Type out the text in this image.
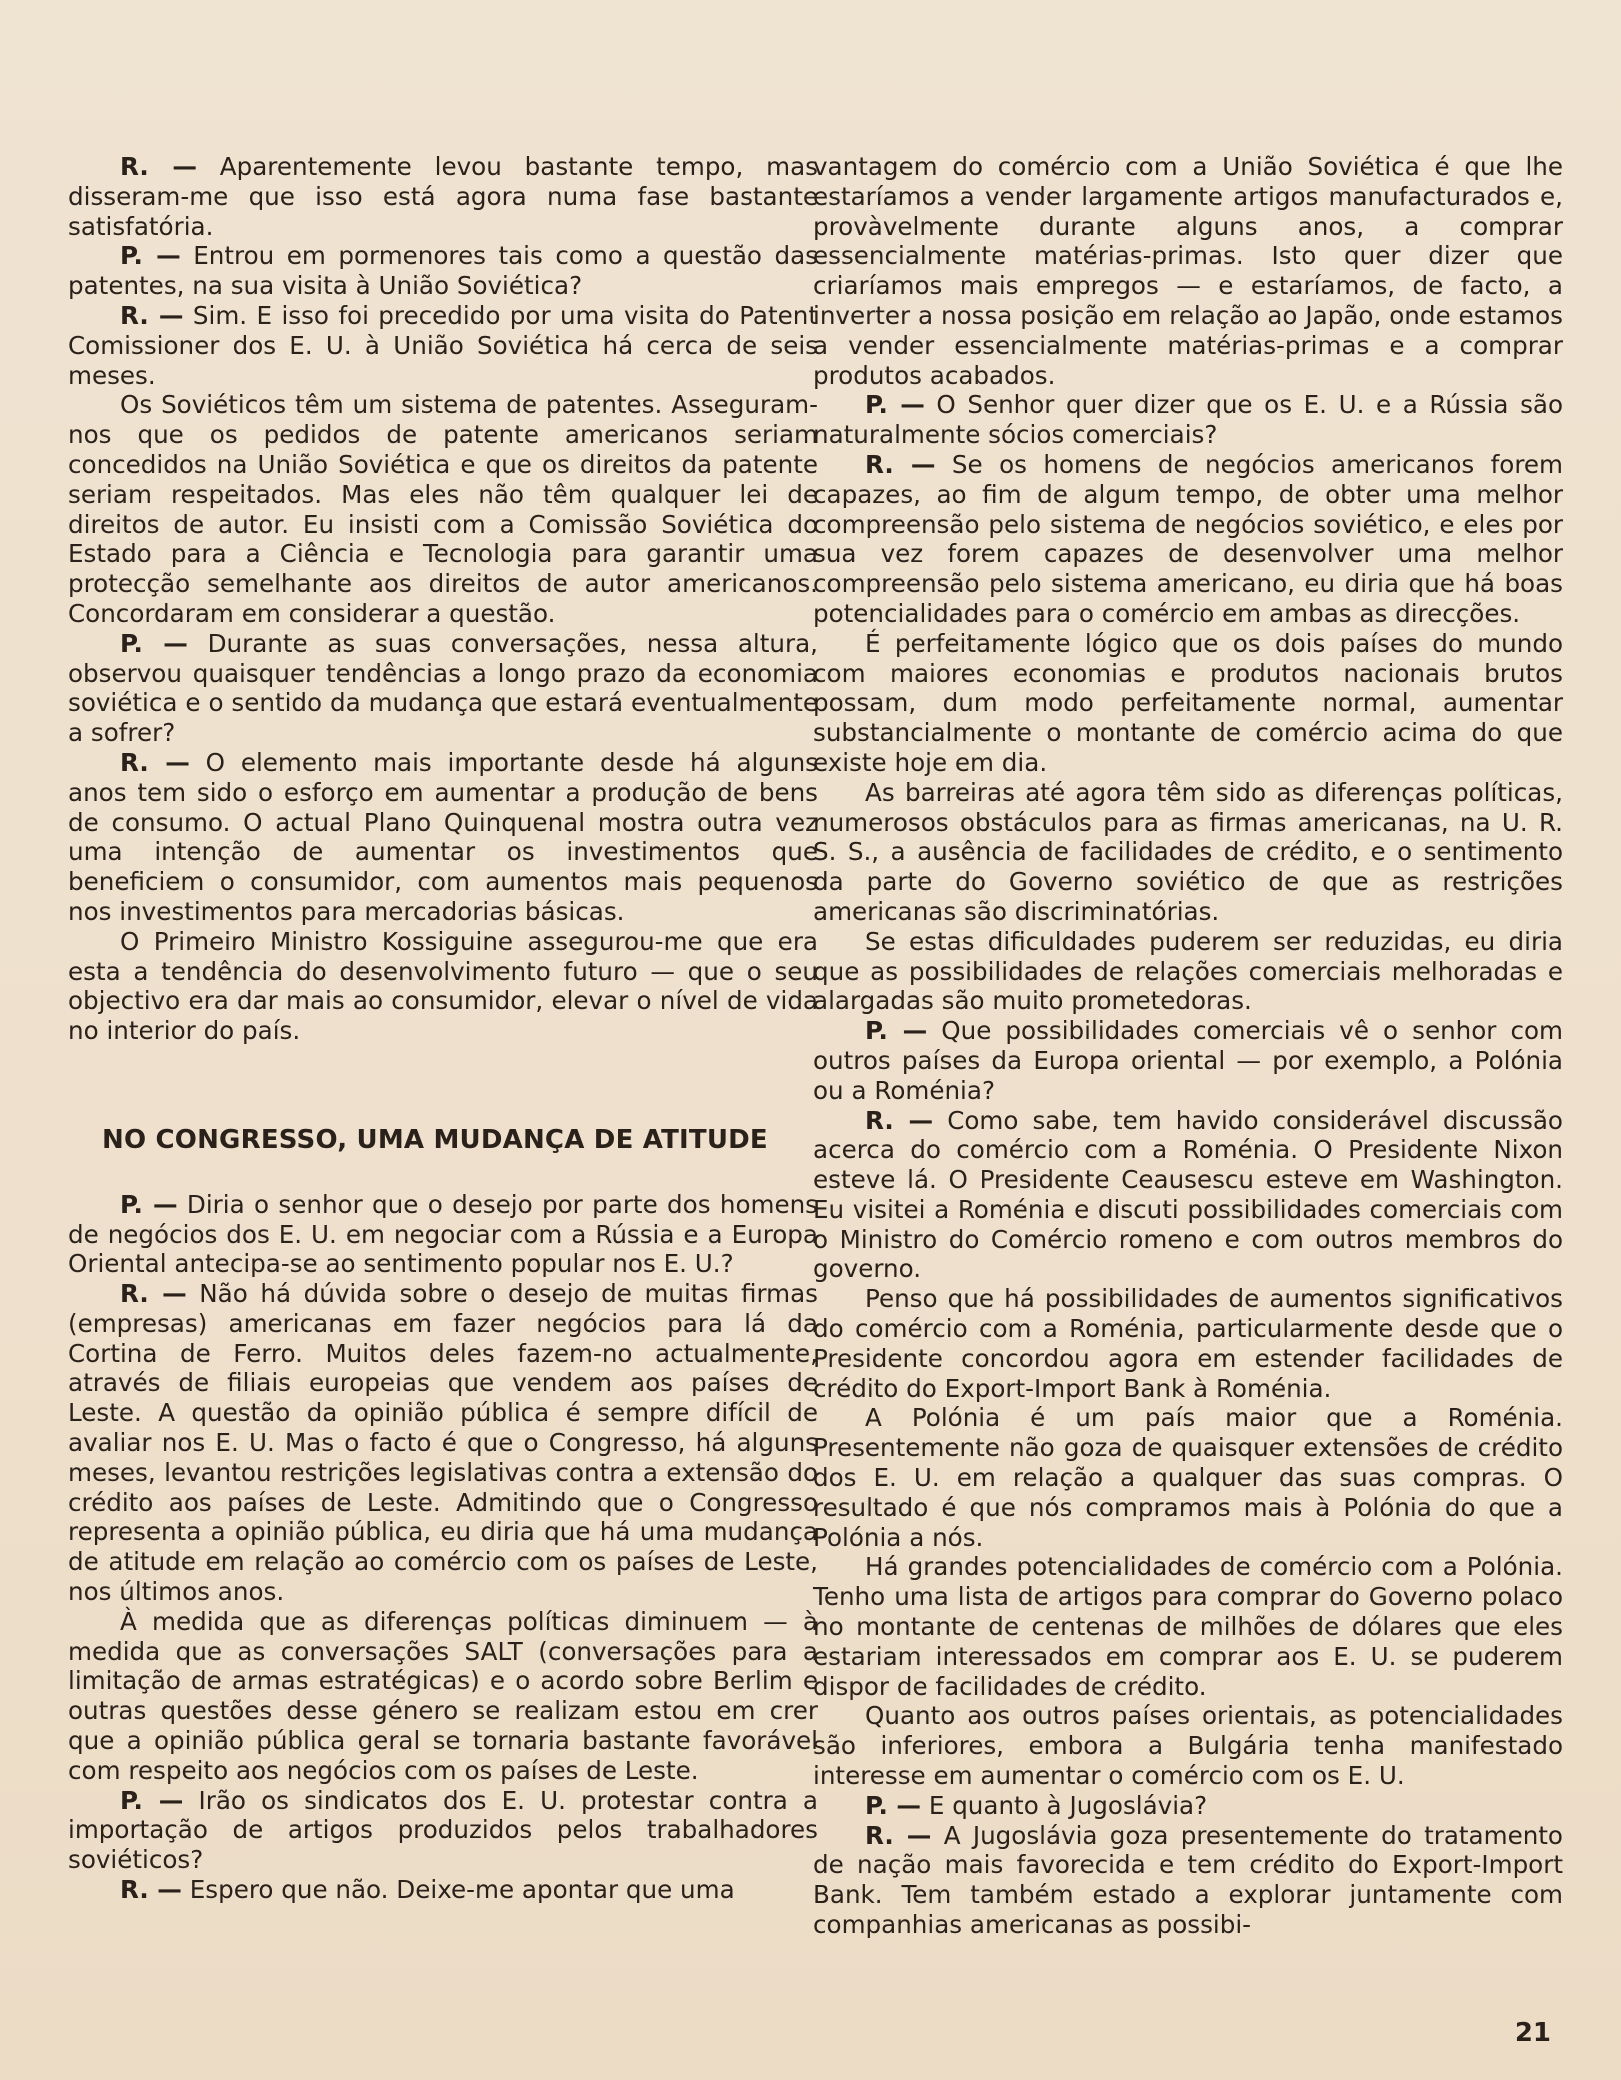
R. — Aparentemente levou bastante tempo, mas disseram-me que isso está agora numa fase bastante satisfatória.

P. — Entrou em pormenores tais como a questão das patentes, na sua visita à União Soviética?

R. — Sim. E isso foi precedido por uma visita do Patent Comissioner dos E. U. à União Soviética há cerca de seis meses.

Os Soviéticos têm um sistema de patentes. Asseguram-nos que os pedidos de patente americanos seriam concedidos na União Soviética e que os direitos da patente seriam respeitados. Mas eles não têm qualquer lei de direitos de autor. Eu insisti com a Comissão Soviética do Estado para a Ciência e Tecnologia para garantir uma protecção semelhante aos direitos de autor americanos. Concordaram em considerar a questão.

P. — Durante as suas conversações, nessa altura, observou quaisquer tendências a longo prazo da economia soviética e o sentido da mudança que estará eventualmente a sofrer?

R. — O elemento mais importante desde há alguns anos tem sido o esforço em aumentar a produção de bens de consumo. O actual Plano Quinquenal mostra outra vez uma intenção de aumentar os investimentos que beneficiem o consumidor, com aumentos mais pequenos nos investimentos para mercadorias básicas.

O Primeiro Ministro Kossiguine assegurou-me que era esta a tendência do desenvolvimento futuro — que o seu objectivo era dar mais ao consumidor, elevar o nível de vida no interior do país.

NO CONGRESSO, UMA MUDANÇA DE ATITUDE

P. — Diria o senhor que o desejo por parte dos homens de negócios dos E. U. em negociar com a Rússia e a Europa Oriental antecipa-se ao sentimento popular nos E. U.?

R. — Não há dúvida sobre o desejo de muitas firmas (empresas) americanas em fazer negócios para lá da Cortina de Ferro. Muitos deles fazem-no actualmente, através de filiais europeias que vendem aos países de Leste. A questão da opinião pública é sempre difícil de avaliar nos E. U. Mas o facto é que o Congresso, há alguns meses, levantou restrições legislativas contra a extensão do crédito aos países de Leste. Admitindo que o Congresso representa a opinião pública, eu diria que há uma mudança de atitude em relação ao comércio com os países de Leste, nos últimos anos.

À medida que as diferenças políticas diminuem — à medida que as conversações SALT (conversações para a limitação de armas estratégicas) e o acordo sobre Berlim e outras questões desse género se realizam estou em crer que a opinião pública geral se tornaria bastante favorável com respeito aos negócios com os países de Leste.

P. — Irão os sindicatos dos E. U. protestar contra a importação de artigos produzidos pelos trabalhadores soviéticos?

R. — Espero que não. Deixe-me apontar que uma

vantagem do comércio com a União Soviética é que lhe estaríamos a vender largamente artigos manufacturados e, provàvelmente durante alguns anos, a comprar essencialmente matérias-primas. Isto quer dizer que criaríamos mais empregos — e estaríamos, de facto, a inverter a nossa posição em relação ao Japão, onde estamos a vender essencialmente matérias-primas e a comprar produtos acabados.

P. — O Senhor quer dizer que os E. U. e a Rússia são naturalmente sócios comerciais?

R. — Se os homens de negócios americanos forem capazes, ao fim de algum tempo, de obter uma melhor compreensão pelo sistema de negócios soviético, e eles por sua vez forem capazes de desenvolver uma melhor compreensão pelo sistema americano, eu diria que há boas potencialidades para o comércio em ambas as direcções.

É perfeitamente lógico que os dois países do mundo com maiores economias e produtos nacionais brutos possam, dum modo perfeitamente normal, aumentar substancialmente o montante de comércio acima do que existe hoje em dia.

As barreiras até agora têm sido as diferenças políticas, numerosos obstáculos para as firmas americanas, na U. R. S. S., a ausência de facilidades de crédito, e o sentimento da parte do Governo soviético de que as restrições americanas são discriminatórias.

Se estas dificuldades puderem ser reduzidas, eu diria que as possibilidades de relações comerciais melhoradas e alargadas são muito prometedoras.

P. — Que possibilidades comerciais vê o senhor com outros países da Europa oriental — por exemplo, a Polónia ou a Roménia?

R. — Como sabe, tem havido considerável discussão acerca do comércio com a Roménia. O Presidente Nixon esteve lá. O Presidente Ceausescu esteve em Washington. Eu visitei a Roménia e discuti possibilidades comerciais com o Ministro do Comércio romeno e com outros membros do governo.

Penso que há possibilidades de aumentos significativos do comércio com a Roménia, particularmente desde que o Presidente concordou agora em estender facilidades de crédito do Export-Import Bank à Roménia.

A Polónia é um país maior que a Roménia. Presentemente não goza de quaisquer extensões de crédito dos E. U. em relação a qualquer das suas compras. O resultado é que nós compramos mais à Polónia do que a Polónia a nós.

Há grandes potencialidades de comércio com a Polónia. Tenho uma lista de artigos para comprar do Governo polaco no montante de centenas de milhões de dólares que eles estariam interessados em comprar aos E. U. se puderem dispor de facilidades de crédito.

Quanto aos outros países orientais, as potencialidades são inferiores, embora a Bulgária tenha manifestado interesse em aumentar o comércio com os E. U.

P. — E quanto à Jugoslávia?

R. — A Jugoslávia goza presentemente do tratamento de nação mais favorecida e tem crédito do Export-Import Bank. Tem também estado a explorar juntamente com companhias americanas as possibi-

21
